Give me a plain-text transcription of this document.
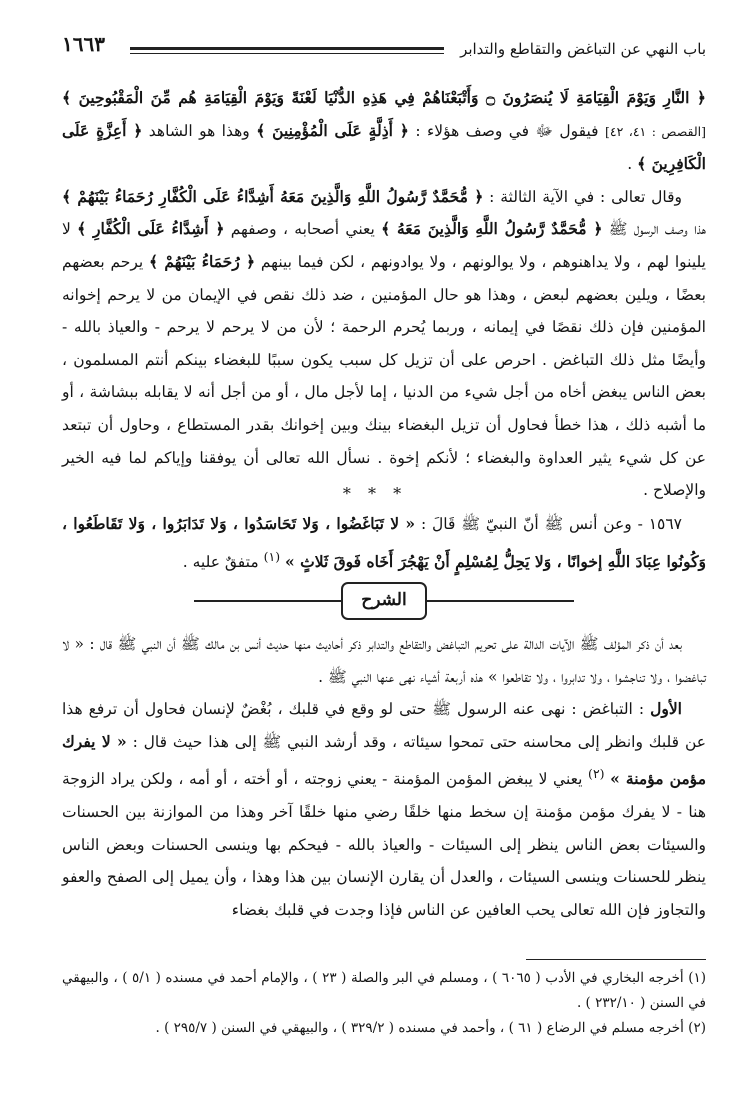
باب النهي عن التباغض والتقاطع والتدابر
١٦٦٣

﴿ النَّارِ وَيَوْمَ الْقِيَامَةِ لَا يُنصَرُونَ ۝ وَأَتْبَعْنَاهُمْ فِي هَذِهِ الدُّنْيَا لَعْنَةً وَيَوْمَ الْقِيَامَةِ هُم مِّنَ الْمَقْبُوحِينَ ﴾ [القصص : ٤١، ٤٢] فيقول ﷻ في وصف هؤلاء : ﴿ أَذِلَّةٍ عَلَى الْمُؤْمِنِينَ ﴾ وهذا هو الشاهد ﴿ أَعِزَّةٍ عَلَى الْكَافِرِينَ ﴾ .

وقال تعالى : في الآية الثالثة : ﴿ مُّحَمَّدٌ رَّسُولُ اللَّهِ وَالَّذِينَ مَعَهُ أَشِدَّاءُ عَلَى الْكُفَّارِ رُحَمَاءُ بَيْنَهُمْ ﴾ هذا وصف الرسول ﷺ ﴿ مُّحَمَّدٌ رَّسُولُ اللَّهِ وَالَّذِينَ مَعَهُ ﴾ يعني أصحابه ، وصفهم ﴿ أَشِدَّاءُ عَلَى الْكُفَّارِ ﴾ لا يلينوا لهم ، ولا يداهنوهم ، ولا يوالونهم ، ولا يوادونهم ، لكن فيما بينهم ﴿ رُحَمَاءُ بَيْنَهُمْ ﴾ يرحم بعضهم بعضًا ، ويلين بعضهم لبعض ، وهذا هو حال المؤمنين ، ضد ذلك نقص في الإيمان من لا يرحم إخوانه المؤمنين فإن ذلك نقصًا في إيمانه ، وربما يُحرم الرحمة ؛ لأن من لا يرحم لا يرحم - والعياذ بالله - وأيضًا مثل ذلك التباغض . احرص على أن تزيل كل سبب يكون سببًا للبغضاء بينكم أنتم المسلمون ، بعض الناس يبغض أخاه من أجل شيء من الدنيا ، إما لأجل مال ، أو من أجل أنه لا يقابله ببشاشة ، أو ما أشبه ذلك ، هذا خطأ فحاول أن تزيل البغضاء بينك وبين إخوانك بقدر المستطاع ، وحاول أن تبتعد عن كل شيء يثير العداوة والبغضاء ؛ لأنكم إخوة . نسأل الله تعالى أن يوفقنا وإياكم لما فيه الخير والإصلاح .

* * *

١٥٦٧ - وعن أنس ﷺ أنّ النبيّ ﷺ قَالَ : « لا تَبَاغَضُوا ، وَلا تَحَاسَدُوا ، وَلا تَدَابَرُوا ، وَلا تَقَاطَعُوا ، وَكُونُوا عِبَادَ اللَّهِ إخوانًا ، وَلا يَحِلُّ لِمُسْلِمٍ أَنْ يَهْجُرَ أَخَاه فَوقَ ثَلاثٍ » $^{(١)}$ متفقٌ عليه .

الشرح

بعد أن ذكر المؤلف ﷺ الآيات الدالة على تحريم التباغض والتقاطع والتدابر ذكر أحاديث منها حديث أنس بن مالك ﷺ أن النبي ﷺ قال : « لا تباغضوا ، ولا تناجشوا ، ولا تدابروا ، ولا تقاطعوا » هذه أربعة أشياء نهى عنها النبي ﷺ .

الأول : التباغض : نهى عنه الرسول ﷺ حتى لو وقع في قلبك ، بُغْضٌ لإنسان فحاول أن ترفع هذا عن قلبك وانظر إلى محاسنه حتى تمحوا سيئاته ، وقد أرشد النبي ﷺ إلى هذا حيث قال : « لا يفرك مؤمن مؤمنة » $^{(٢)}$ يعني لا يبغض المؤمن المؤمنة - يعني زوجته ، أو أخته ، أو أمه ، ولكن يراد الزوجة هنا - لا يفرك مؤمن مؤمنة إن سخط منها خلقًا رضي منها خلقًا آخر وهذا من الموازنة بين الحسنات والسيئات بعض الناس ينظر إلى السيئات - والعياذ بالله - فيحكم بها وينسى الحسنات وبعض الناس ينظر للحسنات وينسى السيئات ، والعدل أن يقارن الإنسان بين هذا وهذا ، وأن يميل إلى الصفح والعفو والتجاوز فإن الله تعالى يحب العافين عن الناس فإذا وجدت في قلبك بغضاء

(١) أخرجه البخاري في الأدب ( ٦٠٦٥ ) ، ومسلم في البر والصلة ( ٢٣ ) ، والإمام أحمد في مسنده ( ٥/١ ) ، والبيهقي في السنن ( ٢٣٢/١٠ ) .

(٢) أخرجه مسلم في الرضاع ( ٦١ ) ، وأحمد في مسنده ( ٣٢٩/٢ ) ، والبيهقي في السنن ( ٢٩٥/٧ ) .
